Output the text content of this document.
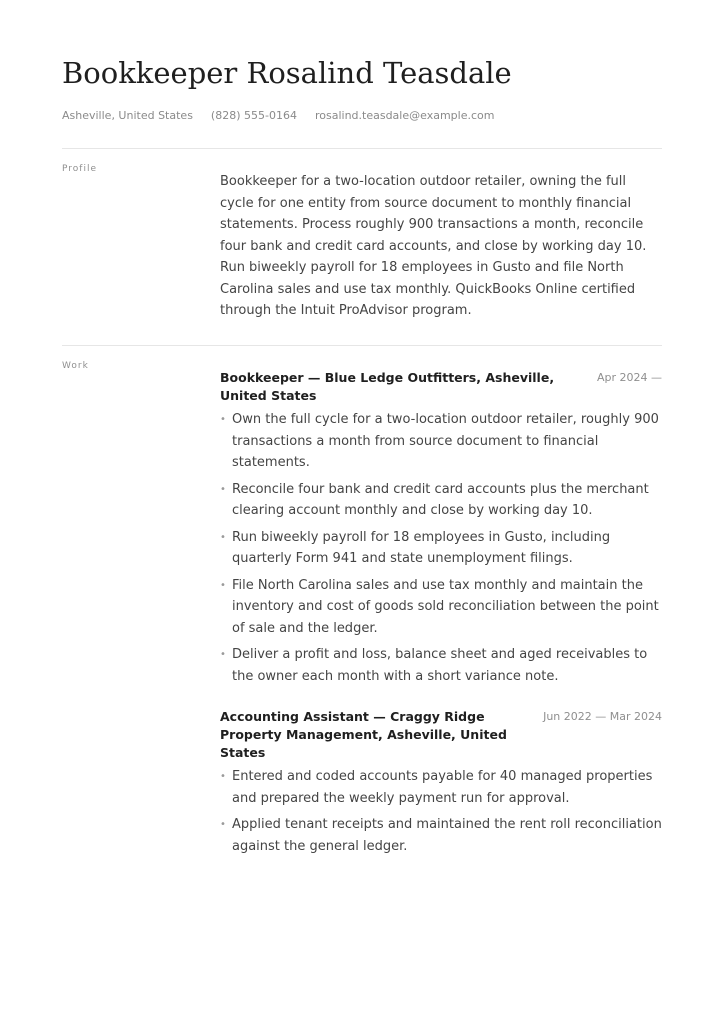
Bookkeeper Rosalind Teasdale
Asheville, United States (828) 555-0164 rosalind.teasdale@example.com
Profile

Bookkeeper for a two-location outdoor retailer, owning the full cycle for one entity from source document to monthly financial statements. Process roughly 900 transactions a month, reconcile four bank and credit card accounts, and close by working day 10. Run biweekly payroll for 18 employees in Gusto and file North Carolina sales and use tax monthly. QuickBooks Online certified through the Intuit ProAdvisor program.

Work
Bookkeeper — Blue Ledge Outfitters, Asheville, United States
Apr 2024 —
• Own the full cycle for a two-location outdoor retailer, roughly 900 transactions a month from source document to financial statements.
• Reconcile four bank and credit card accounts plus the merchant clearing account monthly and close by working day 10.
• Run biweekly payroll for 18 employees in Gusto, including quarterly Form 941 and state unemployment filings.
• File North Carolina sales and use tax monthly and maintain the inventory and cost of goods sold reconciliation between the point of sale and the ledger.
• Deliver a profit and loss, balance sheet and aged receivables to the owner each month with a short variance note.
Accounting Assistant — Craggy Ridge Property Management, Asheville, United States
Jun 2022 — Mar 2024
• Entered and coded accounts payable for 40 managed properties and prepared the weekly payment run for approval.
• Applied tenant receipts and maintained the rent roll reconciliation against the general ledger.
